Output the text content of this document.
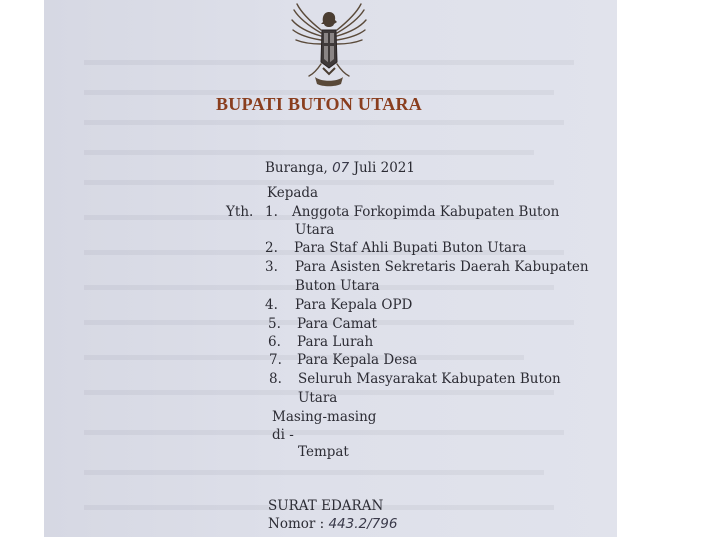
BUPATI BUTON UTARA
Buranga, 07 Juli 2021
Kepada
Yth. 1. Anggota Forkopimda Kabupaten Buton
Utara
2. Para Staf Ahli Bupati Buton Utara
3. Para Asisten Sekretaris Daerah Kabupaten
Buton Utara
4. Para Kepala OPD
5. Para Camat
6. Para Lurah
7. Para Kepala Desa
8. Seluruh Masyarakat Kabupaten Buton
Utara
Masing-masing
di -
Tempat
SURAT EDARAN
Nomor : 443.2/796
